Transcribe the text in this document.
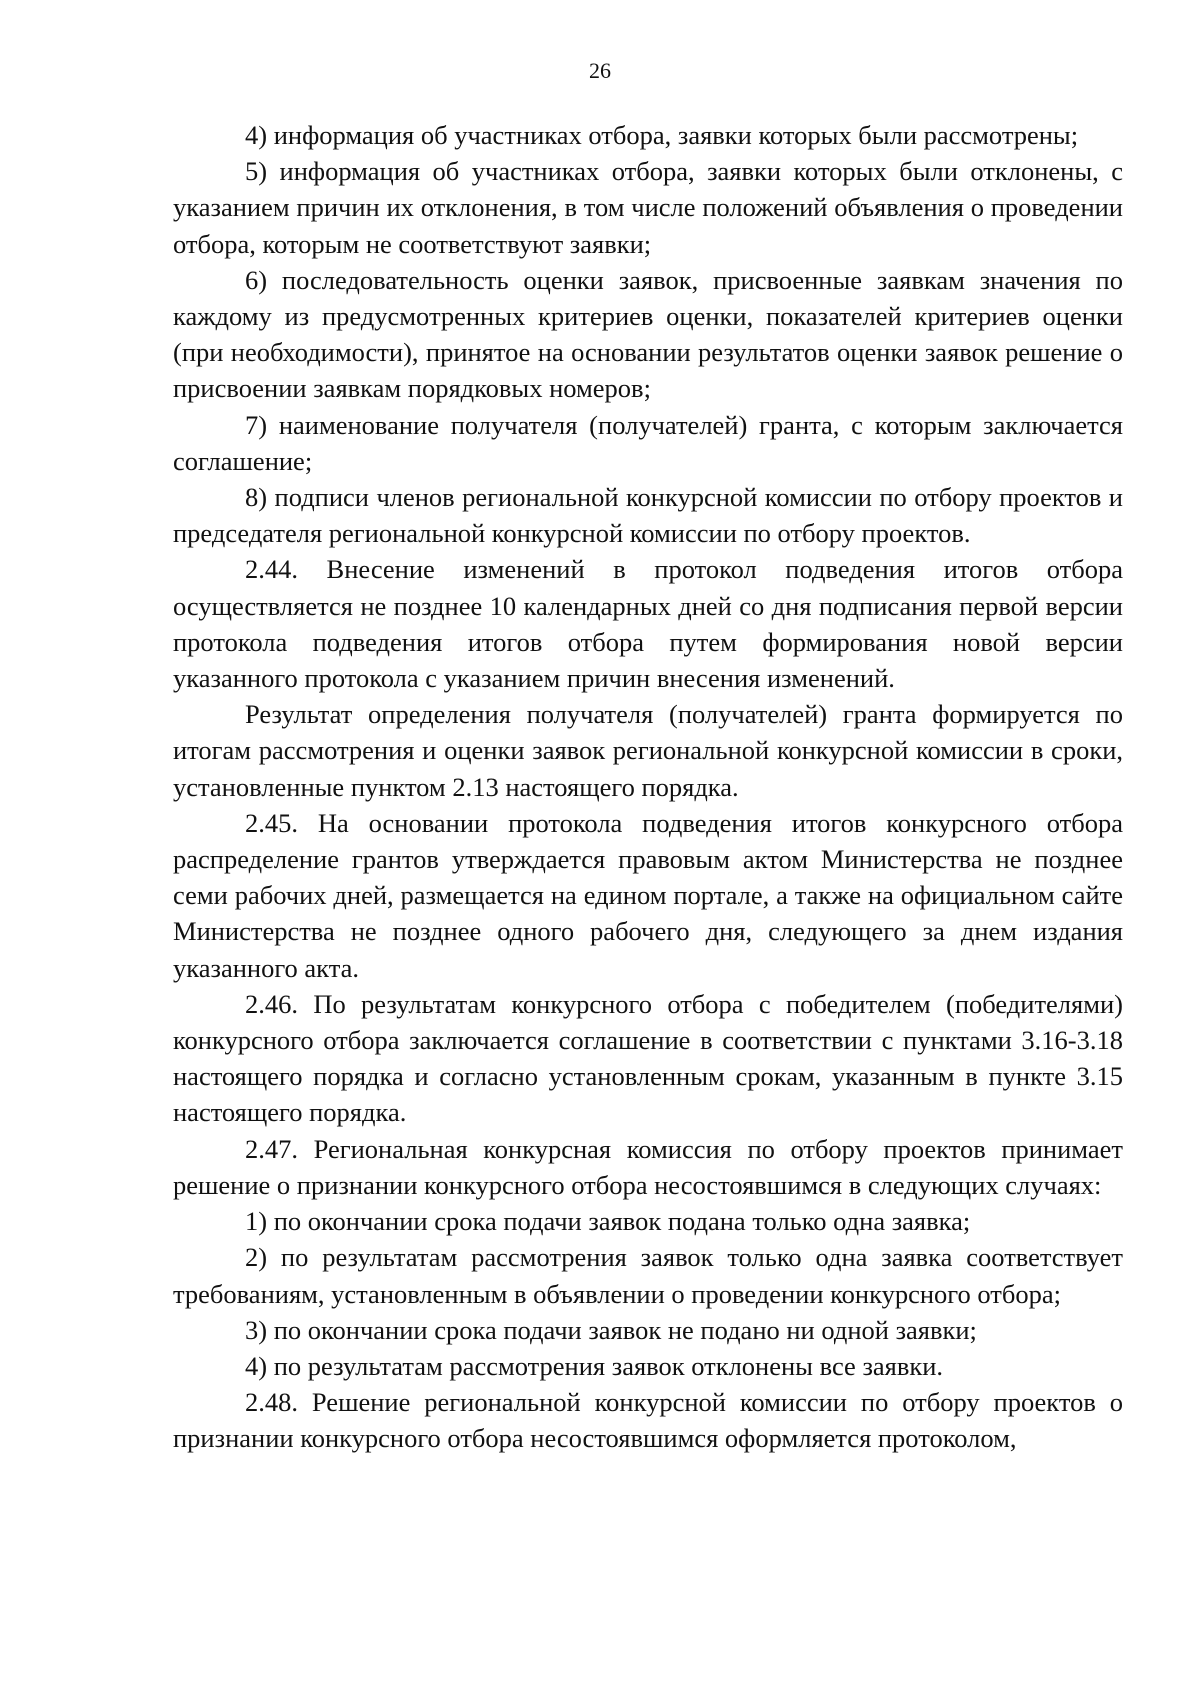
26

4) информация об участниках отбора, заявки которых были рассмотрены;

5) информация об участниках отбора, заявки которых были отклонены, с указанием причин их отклонения, в том числе положений объявления о проведении отбора, которым не соответствуют заявки;

6) последовательность оценки заявок, присвоенные заявкам значения по каждому из предусмотренных критериев оценки, показателей критериев оценки (при необходимости), принятое на основании результатов оценки заявок решение о присвоении заявкам порядковых номеров;

7) наименование получателя (получателей) гранта, с которым заключается соглашение;

8) подписи членов региональной конкурсной комиссии по отбору проектов и председателя региональной конкурсной комиссии по отбору проектов.

2.44. Внесение изменений в протокол подведения итогов отбора осуществляется не позднее 10 календарных дней со дня подписания первой версии протокола подведения итогов отбора путем формирования новой версии указанного протокола с указанием причин внесения изменений.

Результат определения получателя (получателей) гранта формируется по итогам рассмотрения и оценки заявок региональной конкурсной комиссии в сроки, установленные пунктом 2.13 настоящего порядка.

2.45. На основании протокола подведения итогов конкурсного отбора распределение грантов утверждается правовым актом Министерства не позднее семи рабочих дней, размещается на едином портале, а также на официальном сайте Министерства не позднее одного рабочего дня, следующего за днем издания указанного акта.

2.46. По результатам конкурсного отбора с победителем (победителями) конкурсного отбора заключается соглашение в соответствии с пунктами 3.16-3.18 настоящего порядка и согласно установленным срокам, указанным в пункте 3.15 настоящего порядка.

2.47. Региональная конкурсная комиссия по отбору проектов принимает решение о признании конкурсного отбора несостоявшимся в следующих случаях:

1) по окончании срока подачи заявок подана только одна заявка;

2) по результатам рассмотрения заявок только одна заявка соответствует требованиям, установленным в объявлении о проведении конкурсного отбора;

3) по окончании срока подачи заявок не подано ни одной заявки;

4) по результатам рассмотрения заявок отклонены все заявки.

2.48. Решение региональной конкурсной комиссии по отбору проектов о признании конкурсного отбора несостоявшимся оформляется протоколом,
